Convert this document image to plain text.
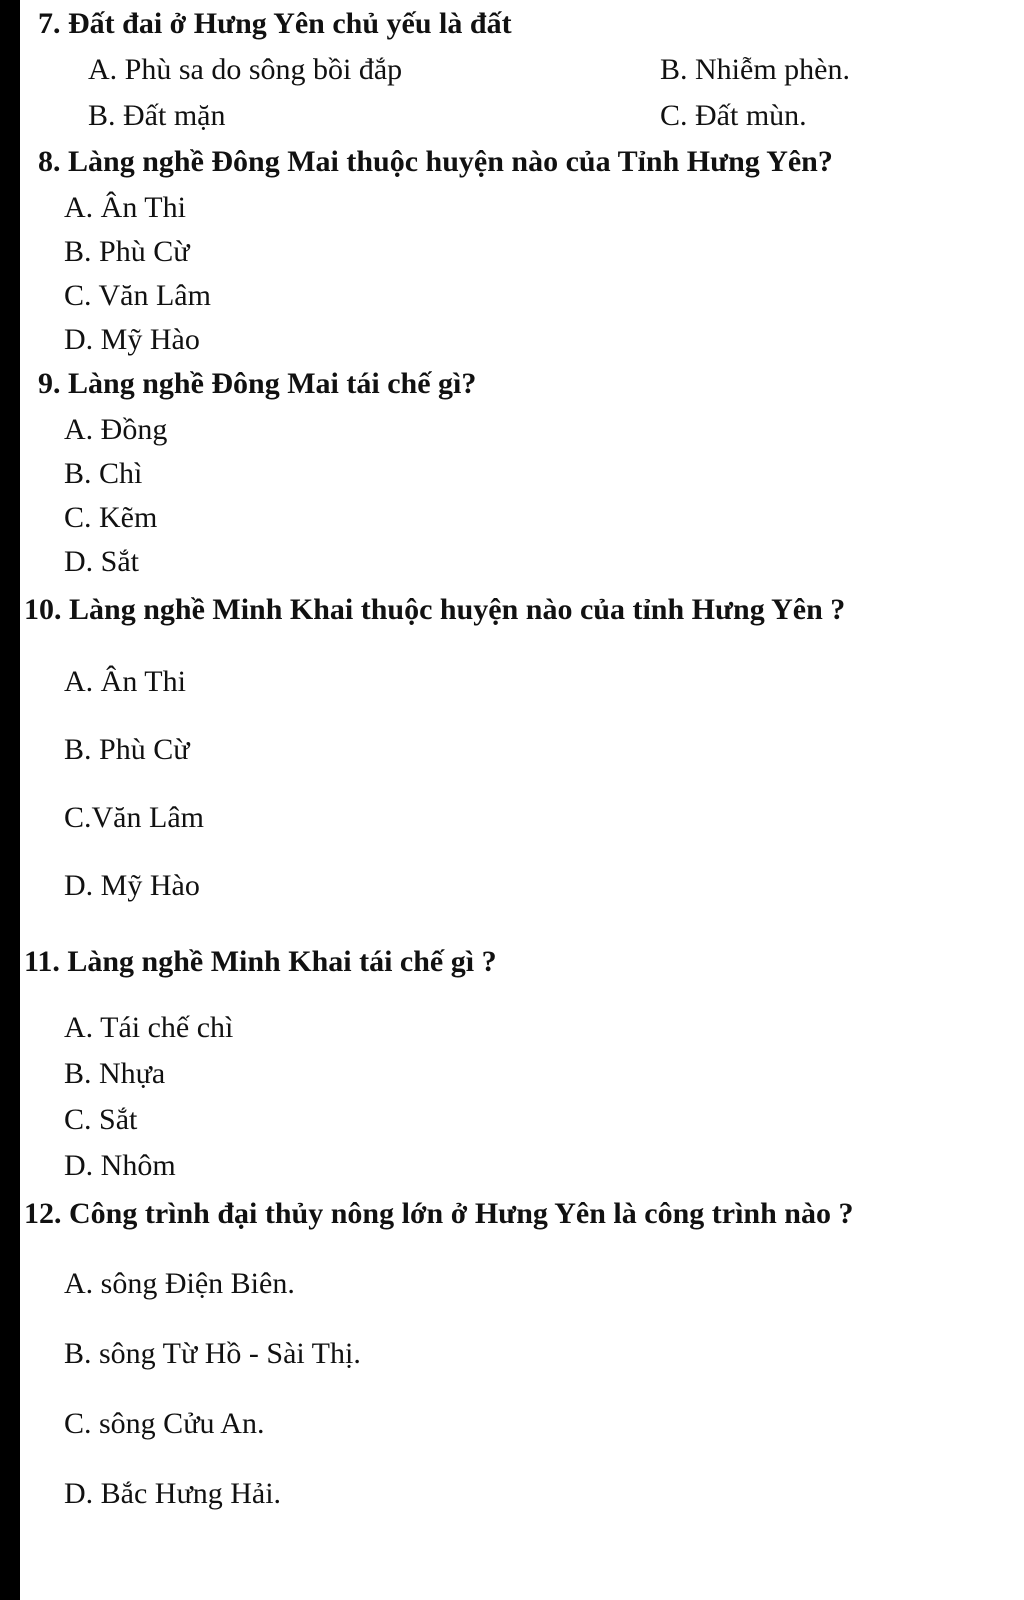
7. Đất đai ở Hưng Yên chủ yếu là đất
A. Phù sa do sông bồi đắp	B. Nhiễm phèn.
B. Đất mặn	C. Đất mùn.
8. Làng nghề Đông Mai thuộc huyện nào của Tỉnh Hưng Yên?
A. Ân Thi
B. Phù Cừ
C. Văn Lâm
D. Mỹ Hào
9. Làng nghề Đông Mai tái chế gì?
A. Đồng
B. Chì
C. Kẽm
D. Sắt
10. Làng nghề Minh Khai thuộc huyện nào của tỉnh Hưng Yên ?
A. Ân Thi
B. Phù Cừ
C.Văn Lâm
D. Mỹ Hào
11. Làng nghề Minh Khai tái chế gì ?
A. Tái chế chì
B. Nhựa
C. Sắt
D. Nhôm
12. Công trình đại thủy nông lớn ở Hưng Yên là công trình nào ?
A. sông Điện Biên.
B. sông Từ Hồ - Sài Thị.
C. sông Cửu An.
D. Bắc Hưng Hải.
